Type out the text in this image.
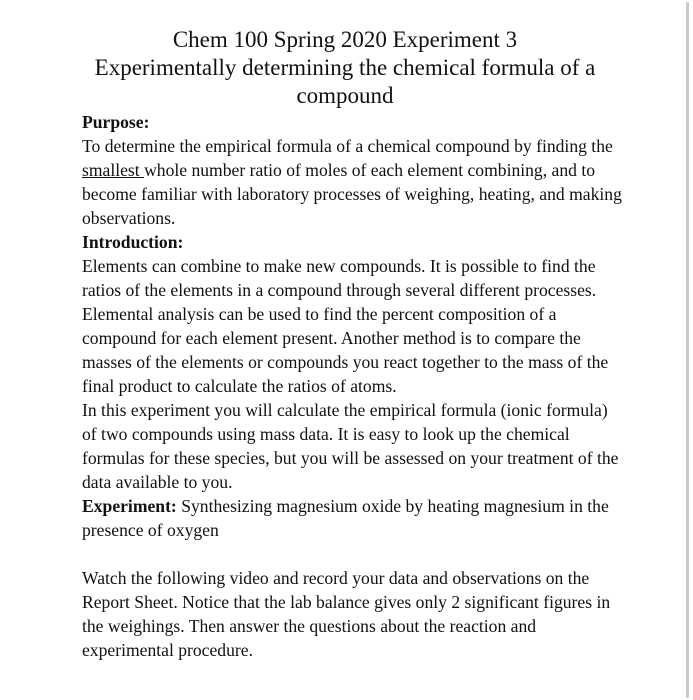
Chem 100 Spring 2020 Experiment 3
Experimentally determining the chemical formula of a
compound

Purpose:

To determine the empirical formula of a chemical compound by finding the smallest whole number ratio of moles of each element combining, and to become familiar with laboratory processes of weighing, heating, and making observations.

Introduction:

Elements can combine to make new compounds. It is possible to find the ratios of the elements in a compound through several different processes. Elemental analysis can be used to find the percent composition of a compound for each element present. Another method is to compare the masses of the elements or compounds you react together to the mass of the final product to calculate the ratios of atoms.

In this experiment you will calculate the empirical formula (ionic formula) of two compounds using mass data. It is easy to look up the chemical formulas for these species, but you will be assessed on your treatment of the data available to you.

Experiment: Synthesizing magnesium oxide by heating magnesium in the presence of oxygen

Watch the following video and record your data and observations on the Report Sheet. Notice that the lab balance gives only 2 significant figures in the weighings. Then answer the questions about the reaction and experimental procedure.
